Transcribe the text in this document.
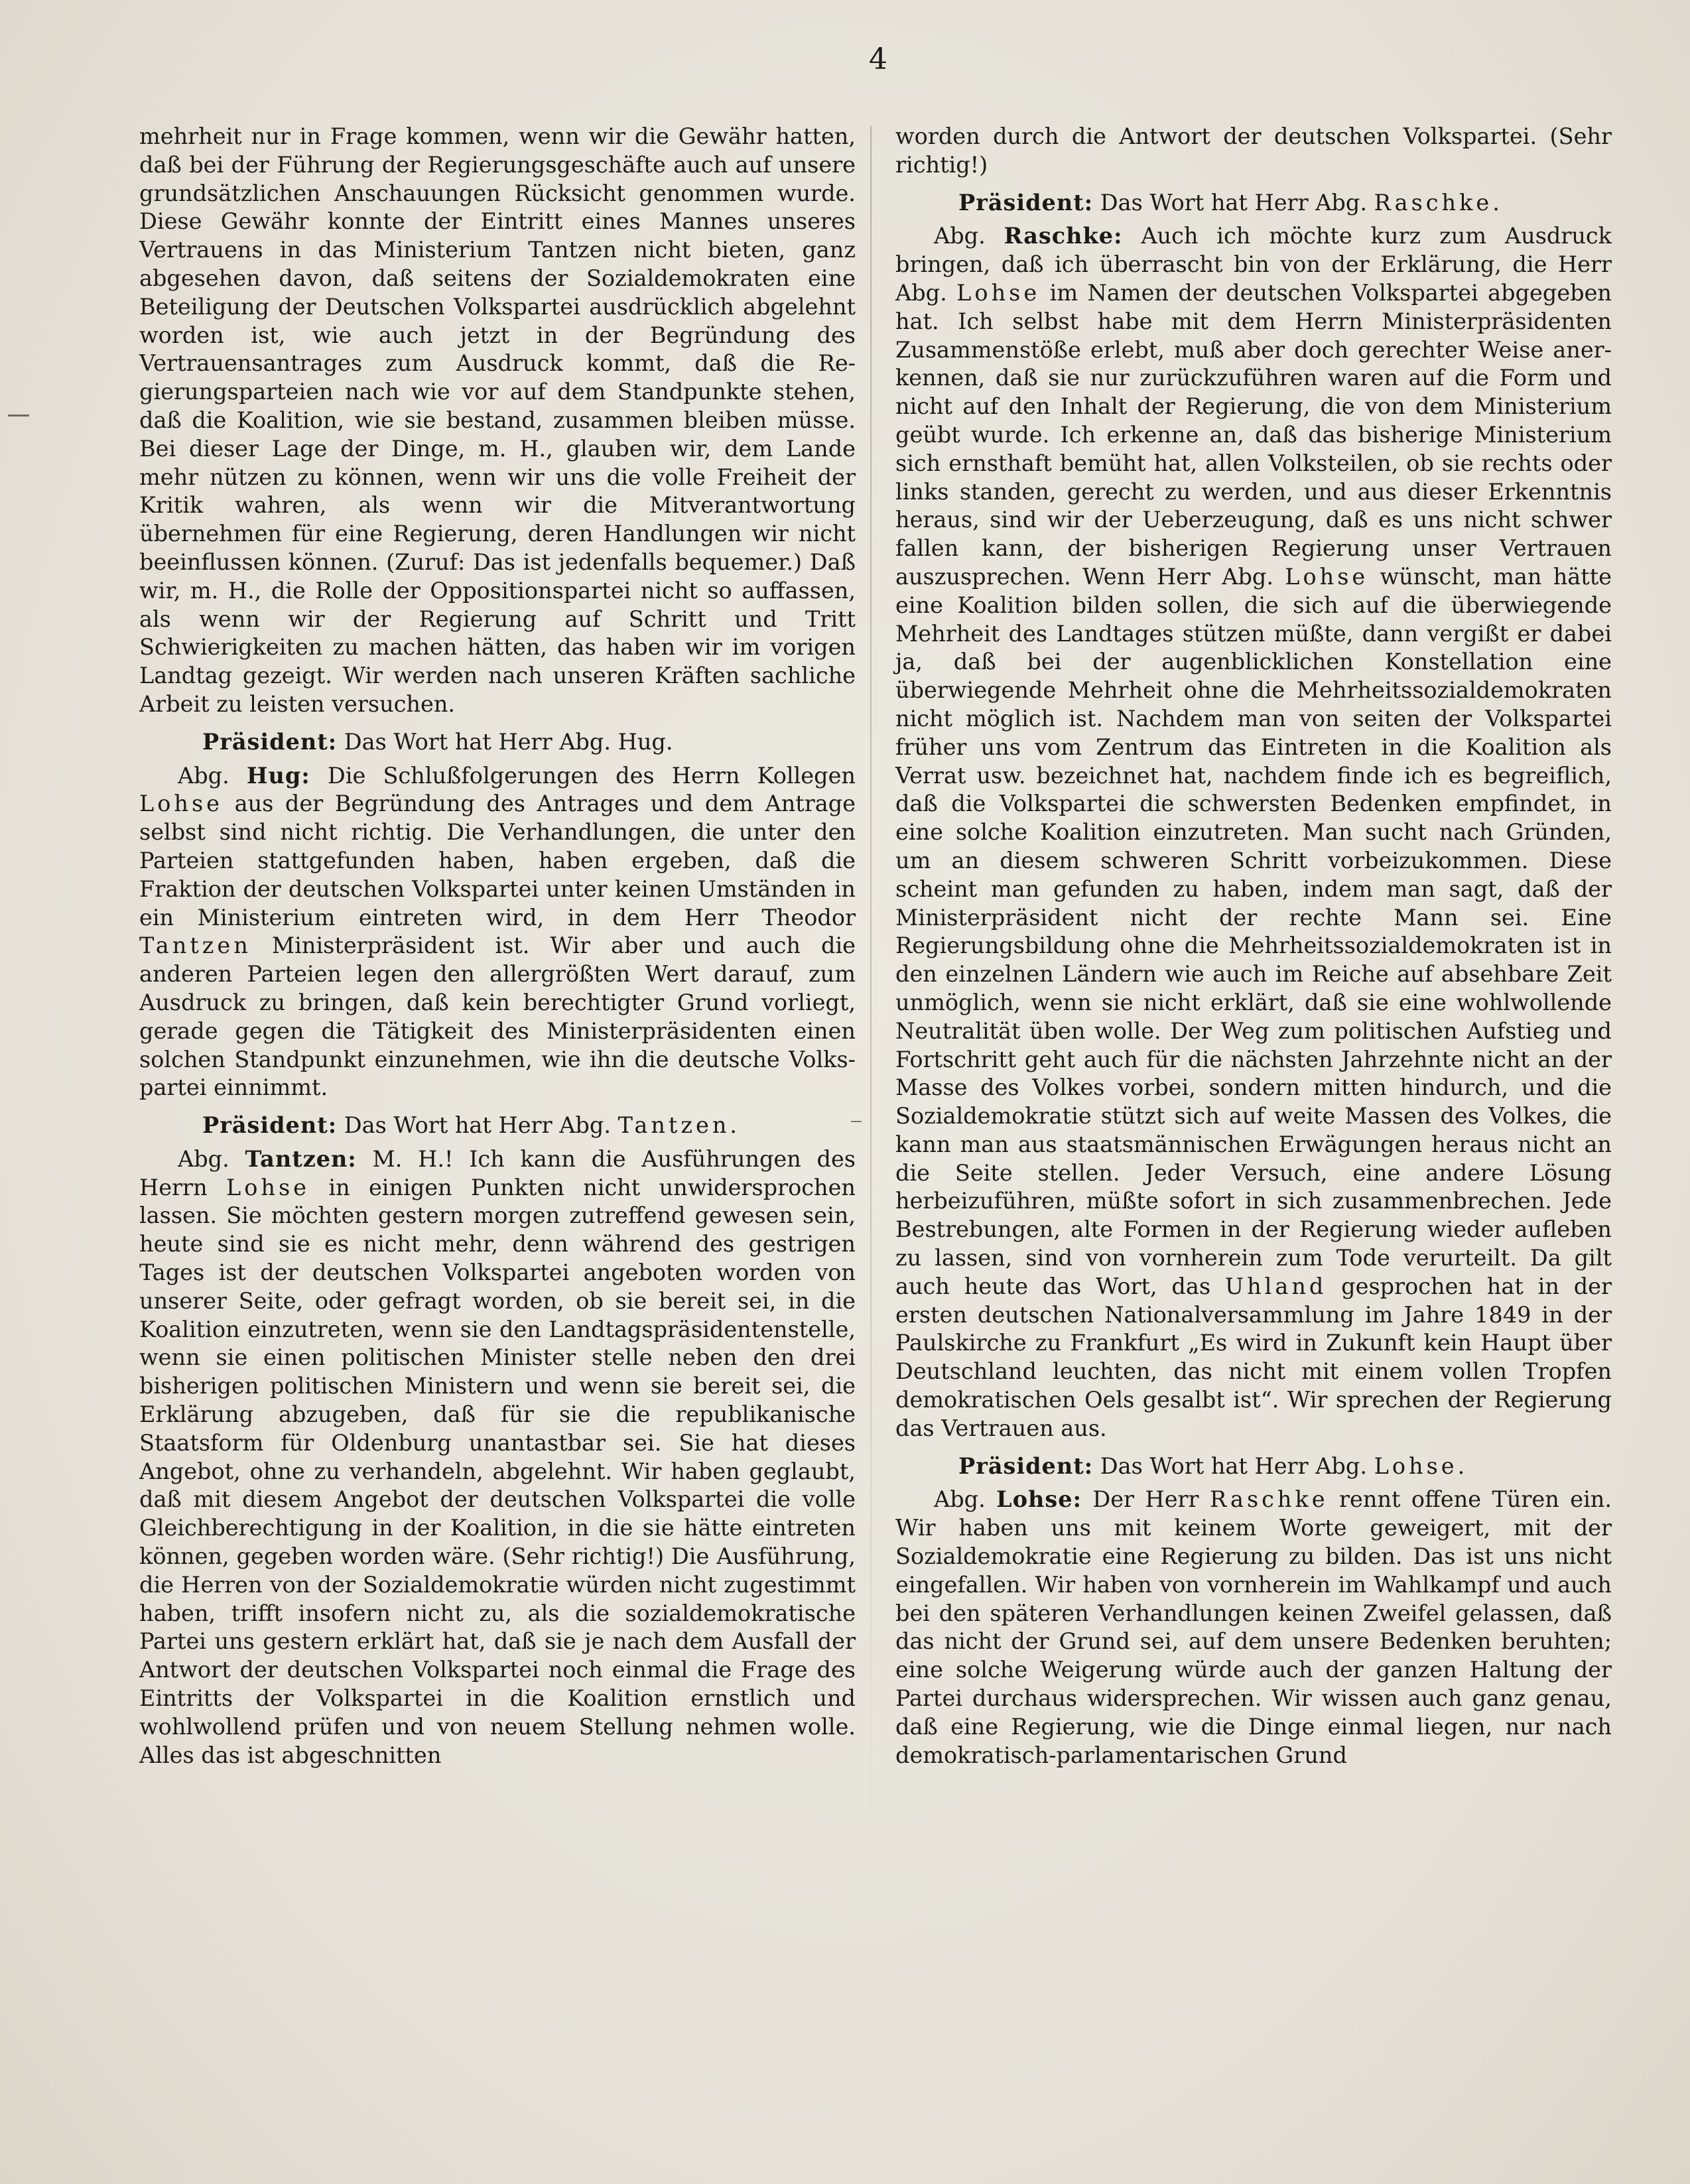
4

mehrheit nur in Frage kommen, wenn wir die Gewähr hatten, daß bei der Führung der Regierungsgeschäfte auch auf unsere grundsätzlichen Anschauungen Rücksicht genommen wurde. Diese Gewähr konnte der Eintritt eines Mannes unseres Vertrauens in das Ministerium Tantzen nicht bieten, ganz abgesehen davon, daß seitens der Sozialdemokraten eine Beteiligung der Deutschen Volkspartei ausdrücklich abgelehnt worden ist, wie auch jetzt in der Begründung des Vertrauensantrages zum Ausdruck kommt, daß die Regierungsparteien nach wie vor auf dem Standpunkte stehen, daß die Koalition, wie sie bestand, zusammen bleiben müsse. Bei dieser Lage der Dinge, m. H., glauben wir, dem Lande mehr nützen zu können, wenn wir uns die volle Freiheit der Kritik wahren, als wenn wir die Mitverantwortung übernehmen für eine Regierung, deren Handlungen wir nicht beeinflussen können. (Zuruf: Das ist jedenfalls bequemer.) Daß wir, m. H., die Rolle der Oppositionspartei nicht so auffassen, als wenn wir der Regierung auf Schritt und Tritt Schwierigkeiten zu machen hätten, das haben wir im vorigen Landtag gezeigt. Wir werden nach unseren Kräften sachliche Arbeit zu leisten versuchen.

Präsident: Das Wort hat Herr Abg. Hug.

Abg. Hug: Die Schlußfolgerungen des Herrn Kollegen Lohse aus der Begründung des Antrages und dem Antrage selbst sind nicht richtig. Die Verhandlungen, die unter den Parteien stattgefunden haben, haben ergeben, daß die Fraktion der deutschen Volkspartei unter keinen Umständen in ein Ministerium eintreten wird, in dem Herr Theodor Tantzen Ministerpräsident ist. Wir aber und auch die anderen Parteien legen den allergrößten Wert darauf, zum Ausdruck zu bringen, daß kein berechtigter Grund vorliegt, gerade gegen die Tätigkeit des Ministerpräsidenten einen solchen Standpunkt einzunehmen, wie ihn die deutsche Volkspartei einnimmt.

Präsident: Das Wort hat Herr Abg. Tantzen.

Abg. Tantzen: M. H.! Ich kann die Ausführungen des Herrn Lohse in einigen Punkten nicht unwidersprochen lassen. Sie möchten gestern morgen zutreffend gewesen sein, heute sind sie es nicht mehr, denn während des gestrigen Tages ist der deutschen Volkspartei angeboten worden von unserer Seite, oder gefragt worden, ob sie bereit sei, in die Koalition einzutreten, wenn sie den Landtagspräsidentenstelle, wenn sie einen politischen Minister stelle neben den drei bisherigen politischen Ministern und wenn sie bereit sei, die Erklärung abzugeben, daß für sie die republikanische Staatsform für Oldenburg unantastbar sei. Sie hat dieses Angebot, ohne zu verhandeln, abgelehnt. Wir haben geglaubt, daß mit diesem Angebot der deutschen Volkspartei die volle Gleichberechtigung in der Koalition, in die sie hätte eintreten können, gegeben worden wäre. (Sehr richtig!) Die Ausführung, die Herren von der Sozialdemokratie würden nicht zugestimmt haben, trifft insofern nicht zu, als die sozialdemokratische Partei uns gestern erklärt hat, daß sie je nach dem Ausfall der Antwort der deutschen Volkspartei noch einmal die Frage des Eintritts der Volkspartei in die Koalition ernstlich und wohlwollend prüfen und von neuem Stellung nehmen wolle. Alles das ist abgeschnitten

worden durch die Antwort der deutschen Volkspartei. (Sehr richtig!)

Präsident: Das Wort hat Herr Abg. Raschke.

Abg. Raschke: Auch ich möchte kurz zum Ausdruck bringen, daß ich überrascht bin von der Erklärung, die Herr Abg. Lohse im Namen der deutschen Volkspartei abgegeben hat. Ich selbst habe mit dem Herrn Ministerpräsidenten Zusammenstöße erlebt, muß aber doch gerechter Weise anerkennen, daß sie nur zurückzuführen waren auf die Form und nicht auf den Inhalt der Regierung, die von dem Ministerium geübt wurde. Ich erkenne an, daß das bisherige Ministerium sich ernsthaft bemüht hat, allen Volksteilen, ob sie rechts oder links standen, gerecht zu werden, und aus dieser Erkenntnis heraus, sind wir der Ueberzeugung, daß es uns nicht schwer fallen kann, der bisherigen Regierung unser Vertrauen auszusprechen. Wenn Herr Abg. Lohse wünscht, man hätte eine Koalition bilden sollen, die sich auf die überwiegende Mehrheit des Landtages stützen müßte, dann vergißt er dabei ja, daß bei der augenblicklichen Konstellation eine überwiegende Mehrheit ohne die Mehrheitssozialdemokraten nicht möglich ist. Nachdem man von seiten der Volkspartei früher uns vom Zentrum das Eintreten in die Koalition als Verrat usw. bezeichnet hat, nachdem finde ich es begreiflich, daß die Volkspartei die schwersten Bedenken empfindet, in eine solche Koalition einzutreten. Man sucht nach Gründen, um an diesem schweren Schritt vorbeizukommen. Diese scheint man gefunden zu haben, indem man sagt, daß der Ministerpräsident nicht der rechte Mann sei. Eine Regierungsbildung ohne die Mehrheitssozialdemokraten ist in den einzelnen Ländern wie auch im Reiche auf absehbare Zeit unmöglich, wenn sie nicht erklärt, daß sie eine wohlwollende Neutralität üben wolle. Der Weg zum politischen Aufstieg und Fortschritt geht auch für die nächsten Jahrzehnte nicht an der Masse des Volkes vorbei, sondern mitten hindurch, und die Sozialdemokratie stützt sich auf weite Massen des Volkes, die kann man aus staatsmännischen Erwägungen heraus nicht an die Seite stellen. Jeder Versuch, eine andere Lösung herbeizuführen, müßte sofort in sich zusammenbrechen. Jede Bestrebungen, alte Formen in der Regierung wieder aufleben zu lassen, sind von vornherein zum Tode verurteilt. Da gilt auch heute das Wort, das Uhland gesprochen hat in der ersten deutschen Nationalversammlung im Jahre 1849 in der Paulskirche zu Frankfurt „Es wird in Zukunft kein Haupt über Deutschland leuchten, das nicht mit einem vollen Tropfen demokratischen Oels gesalbt ist“. Wir sprechen der Regierung das Vertrauen aus.

Präsident: Das Wort hat Herr Abg. Lohse.

Abg. Lohse: Der Herr Raschke rennt offene Türen ein. Wir haben uns mit keinem Worte geweigert, mit der Sozialdemokratie eine Regierung zu bilden. Das ist uns nicht eingefallen. Wir haben von vornherein im Wahlkampf und auch bei den späteren Verhandlungen keinen Zweifel gelassen, daß das nicht der Grund sei, auf dem unsere Bedenken beruhten; eine solche Weigerung würde auch der ganzen Haltung der Partei durchaus widersprechen. Wir wissen auch ganz genau, daß eine Regierung, wie die Dinge einmal liegen, nur nach demokratisch-parlamentarischen Grund
